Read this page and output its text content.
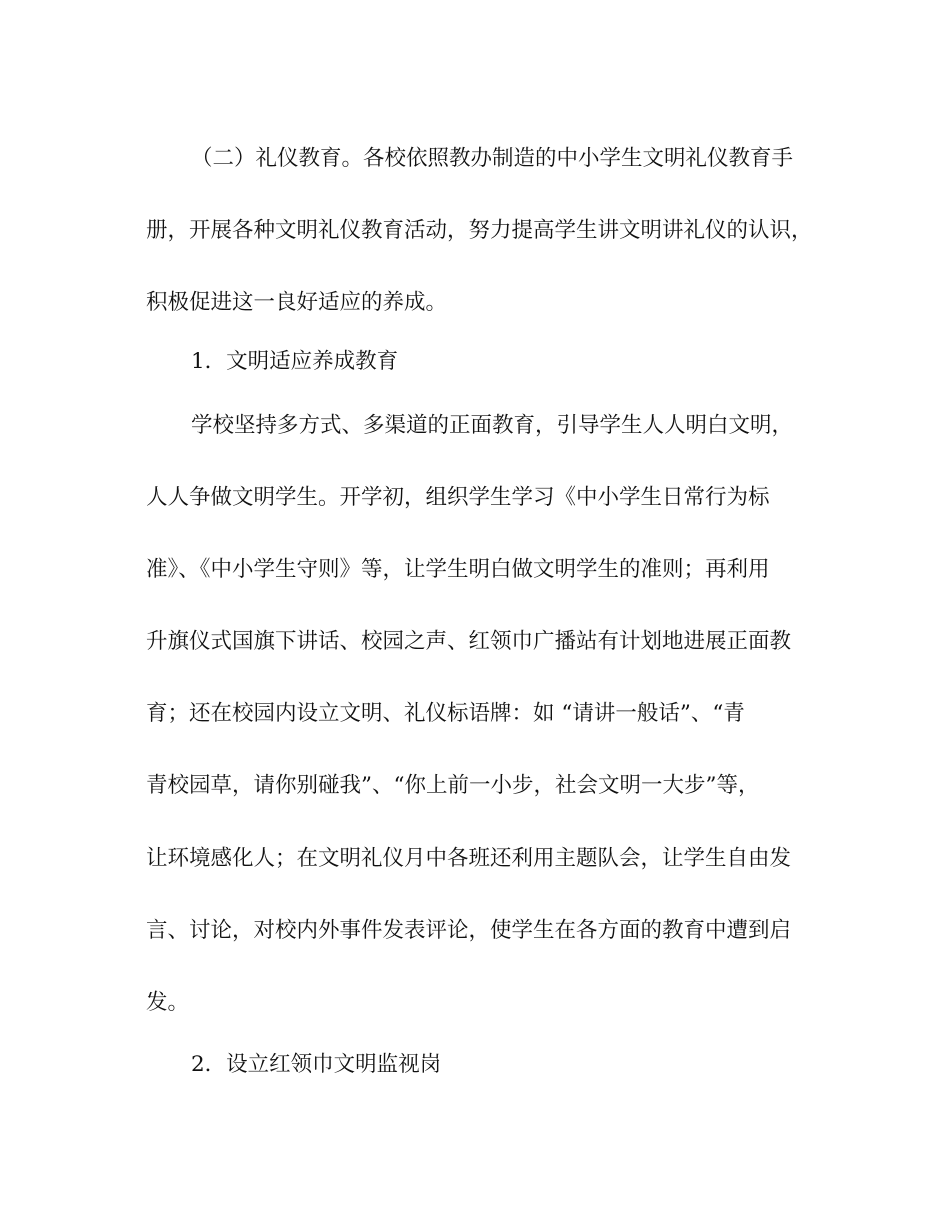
（二）礼仪教育。各校依照教办制造的中小学生文明礼仪教育手
册，开展各种文明礼仪教育活动，努力提高学生讲文明讲礼仪的认识，
积极促进这一良好适应的养成。
1．文明适应养成教育
学校坚持多方式、多渠道的正面教育，引导学生人人明白文明，
人人争做文明学生。开学初，组织学生学习《中小学生日常行为标
准》、《中小学生守则》等，让学生明白做文明学生的准则；再利用
升旗仪式国旗下讲话、校园之声、红领巾广播站有计划地进展正面教
育；还在校园内设立文明、礼仪标语牌：如 “请讲一般话”、“青
青校园草，请你别碰我”、“你上前一小步，社会文明一大步”等，
让环境感化人；在文明礼仪月中各班还利用主题队会，让学生自由发
言、讨论，对校内外事件发表评论，使学生在各方面的教育中遭到启
发。
2．设立红领巾文明监视岗
